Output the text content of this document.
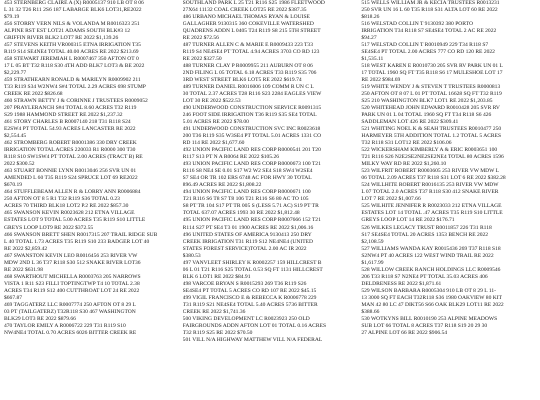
453 STERNBERG CLAIRE A (X) R0005137 910 LB OT 8 06

L 31 32 T26 R11 2S6 187 LABARGE BLK6 LOT31,RE2022

$79.19

456 STORRY VERN NILS & VOLANDA M R0016323 251

ALPINE RST EST LOT21 ADAMS SOUTH BLK#3 12

GRIFFIN RIVER BLK2 LOT7 RE 2022 $1,139.26

457 STEVENS KEITH VR000315 ETNA IRRIGATION T35

R119 S14 SE4NE4 TOTAL 40.00 ACRES RE 2022 $213.69

458 STEWART JEREMIAH L R0007467 350 AFTON OT 0

17 L 05 BT T32 R118 S30 4TH ADD BLK7 LOT3 & BE 2022

$2,229.77

459 STRATHEARN RONALD & MARILYN R0009902 211

T33 R119 S34 W2NW4 S#4 TOTAL 2.29 ACRES 698 STUMP

CREEK RE 2022 $826.68

460 STRAWN BETTY J & CORINNE J TRUSTEES R0009052

207 PRAYLERANCH S#4 TOTAL 8.60 ACRES T32 R119

S29 1988 HAMMOND STREET RE 2022 $1,237.32

461 STORY CHARLES B R0007140 218 T31 R118 S24

E2SW4 PT TOTAL 54.93 ACRES LANCASTER RE 2022

$2,554.45

462 STROMBERG ROBERT R0001386 330 DRY CREEK

IRRIGATION TOTAL ACRES 220033 R1 R0000 300 T30

R118 S10 SW1SW4 PT TOTAL 2.00 ACRES (TRACT B) RE

2022 $300.52

463 STUART BONNIE LYNN R0013046 256 SVR UN 01

AMENDED L 60 T35 R119 S24 SPRUCE LOT 69 RE2022

$670.19

464 STUFFLEBEAM ALLEN R & LORRY ANN R0006884

250 AFTON OT 8 5 R1 T32 R119 S36 TOTAL 0.23

ACRES 70 THIRD BLK18 LOT2 P.2 RE 2022 $857.30

465 SWANSON KEVIN R0023628 212 ETNA VILLAGE

ESTATES LOT 9 TOTAL 5.00 ACRES T35 R119 S10 LITTLE

GREYS LOOP LOT9 RE 2022 $372.55

466 SWANSON BRETT SHEN R0017315 207 TRAIL RIDGE SUB

L 40 TOTAL 1.73 ACRES T35 R119 S10 233 BADGER LOT 40

RE 2022 $2,859.42

467 SWANSTON KEVIN LEO R0016456 253 RIVER VW

MDW 2ND L 36 T37 R118 S30 512 SNAKE RIVER LOT36

RE 2022 $631.98

468 SWARTHOUT MICHELLA R0003763 205 NARROWS

VISTA 1 R11 S23 FILLI TOPTINGTWP T4 10 TOTAL 2.38

ACRES T34 R119 S12 400 CUTTHROAT LOT 24 RE 2022

$667.87

469 TAGGATERZ LLC R0007774 250 AFTON OT 8 29 L

03 PT (TAILGATERZ) T32R118 S30 467 WASHINGTON

BLK29 LOT3 RE 2022 $879.66

470 TAYLOR EMILY A R0006722 229 T31 R119 S10

NW4NE4 TOTAL 0.70 ACRES 6026 BITTER CREEK RE

SOUTHLAND PARK L 25 T21 R116 S25 1986 FLEETWOOD

27X64 11132 COAL CREEK LOT25 RE 2022 $387.35

486 URBANO MICHAEL THOMAS RYAN & LOUISE

GALLAGHER 9130315 360 COKEVILLE WATERSHED

QUADRENS ADDN L 0405 T24 R119 S8 215 5TH STREET

RE 2022 $72.56

487 TURNER ALLEN C & MARIE E R0009433 223 T33

R119 S4 NE4SE4 PT TOTAL 4.94 ACRES 3703 CO RD 123

RE 2022 $327.50

488 TURNER CLAY P R0009955 211 AUBURN OT 8 06

2ND FILING L 05 TOTAL 6.18 ACRES T33 R119 S35 706

3RD WEST STREET BLK6 LOT5 RE 2022 $619.74

489 TURNER DANIEL R0016006 109 COMM R UN C L

30 TOTAL 2.37 ACRES T28 R116 S23 2284 EAGLES VIEW

LOT 30 RE 2022 $522.53

490 UNDERWOOD CONSTRUCTION SERVICE R0091315

246 FOOT SIDE IRRIGATION T36 R119 S35 SE4 TOTAL

5.01 ACRES RE 2022 $78.00

491 UNDERWOOD CONSTRUCTION SVC INC R0023618

200 T36 R119 S35 W3SE4 PT TOTAL 5.01 ACRES 1331 CO

RD 114 RE 2022 $1,677.60

492 UNION PACIFIC LAND RES CORP R0000541 201 T20

R117 S13 PT N A R0064 RE 2022 $105.26

493 UNION PACIFIC LAND RES CORP R0000673 100 T21

R116 S8 NE4 SE 0.01 S17 W2 W2 SE4 S18 SW4 W2SE4

S7 SE4 OR TR 102 ERS 6748 AC FOR HWY 30 TOTAL

896.49 ACRES RE 2022 $1,808.22

494 UNION PACIFIC LAND RES CORP R0000671 100

T21 R116 S6 T8 S7 T8 106 T21 R116 S6 80 AC TO 105

S8 PT TR 104 S17 PT TR 005 S (LESS 5.71 AC) S19 PT TR

TOTAL 637.07 ACRES 1993 30 RE 2022 $1,812.48

495 UNION PACIFIC LAND RES CORP R0007666 152 T21

R114 S27 PT SE4 T3 01 1900 ACRES RE 2022 $1,006.16

496 UNITED STATES OF AMERICA 9130413 250 DRY

CREEK IRRIGATION T31 R119 S12 NE4NE4 (UNITED

STATES FOREST SERVICE)TOTAL 2.00 AC IR 2022

$380.53

497 VANVLEET SHIRLEY K R0002257 159 HILLCREST B

06 L 01 T21 R116 S25 TOTAL 0.53 SQ FT 1131 HILLCREST

BLK 6 LOT1 RE 2022 $84.91

498 VARCOE BRYAN S R0015293 269 T36 R119 S26

SE4SE4 PT TOTAL 5 ACRES CO RD 107 RE 2022 $45.15

499 VIGIL FRANCISCO E & REBECCA K R0006778 229

T31 R119 S21 NE4SE4 TOTAL 5.40 ACRES 5736 BITTER

CREEK RE 2022 $1,741.36

500 VIKING DEVELOPMENT LC R0023923 250 OLD

FAIRGROUNDS ADDN AFTON LOT 01 TOTAL 0.16 ACRES

T32 R119 S25 RE 2022 $70.50

501 VILL N/A HIGHWAY MATTHEW VILL N/A FEDERAL

515 WELLS WILLIAM JR & KECIA TRUSTEES R0013231

250 SVR UN 16 L 60 T35 R118 S31 ALTA LOT 60 RE 2022

$818.26

516 WELSTAD COLLIN T 9130392 380 PORTO

IRRIGATION T34 R118 S7 SE4SE4 TOTAL 2 AC RE 2022

$94.27

517 WELSTAD COLLIN T R0010949 229 T34 R118 S7

SE4SE4 PT TOTAL 2.00 ACRES 777 CO RD 120 RE 2022

$1,535.11

518 WEST KAREN E R0010730 205 SVR RV PARK UN 01 L

17 TOTAL 1960 SQ FT T35 R118 S6 17 MULESHOE LOT 17

RE 2022 $984.69

519 WHITE WENDY J & STEVEN T TRUSTEES R0000813

250 AFTON OT 8 07 L 01 PT TOTAL 16628 SQ FT T32 R119

S25 210 WASHINGTON BLK7 LOT1 RE 2022 $1,203.85

520 WHITEHEAD JOHN EDWARD R0010428 205 SVR RV

PARK UN 01 L 04 TOTAL 1960 SQ FT T34 R118 S6 426

SADDLEMAN LOT 426 RE 2022 $309.41

521 WHITING NOEL K & SEAH TRUSTEES R0010477 250

HARMEYER 5TH ADDITION TOTAL 1.2 TOTAL 5 ACRES

T32 R118 S31 LOT12 RE 2022 $106.06

522 WICKERSHAM KIMBERLY A & ERIC R0003651 100

T21 R116 S26 N2E2SE2NE2SE2NE4 TOTAL 80 ACRES 1596

MILKY WAY RD RE 2022 $1,260.10

523 WILFRIT ROBERT R0003605 253 RIVER VW MDW L

06 TOTAL 2.09 ACRES T37 R118 S31 LOT 6 RE 2022 $382.28

524 WILLHITE ROBERT R0016135 253 RIVER VW MDW

L 07 TOTAL 2.0 ACRES T37 R118 S30 412 SNAKE RIVER

LOT 7 RE 2022 $1,007.66

525 WILHITE JENNIFER R R0023033 212 ETNA VILLAGE

ESTATES LOT 14 TOTAL .47 ACRES T35 R119 S10 LITTLE

GREYS LOOP LOT 14 RE 2022 $176.71

526 WILKES LEGACY TRUST R0011857 226 T31 R118

S17 SE4SE4 TOTAL 20 ACRES 1353 BENCH RE 2022

$2,108.59

527 WILLIAMS WANDA KAY R0015436 269 T37 R118 S18

S2NW4 PT 40 ACRES 122 WEST WIND TRAIL RE 2022

$1,617.99

528 WILLOW CREEK RANCH HOLDINGS LLC R0009546

206 T33 R118 S7 N2NE4 PT TOTAL 35.03 ACRES 406

DELDRENESS RE 2022 $1,871.61

529 WILSON BARBARA R0005304 910 LB OT 8 29 L 11-

13 3000 SQ FT EACH T32R118 S36 1980 OAKVIEW 80 KIT

MAN 42 80 LC 47 DIKT56 S66 OAK BLK29 LOT11 RE 2022

$388.66

530 WOTKYNS BILL R0010190 253 ALPINE MEADOWS

SUB LOT 66 TOTAL 8 ACRES T37 R118 S19 20 29 30

27 ALPINE LOT 66 RE 2022 $906.54
